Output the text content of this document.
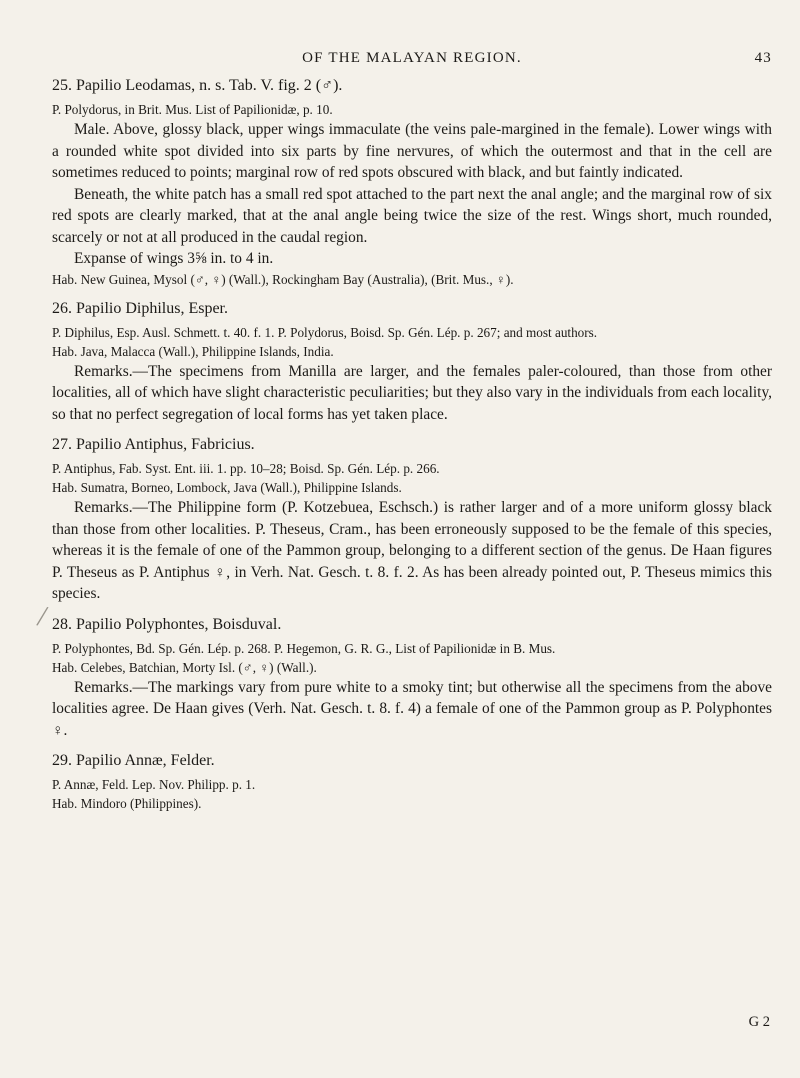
OF THE MALAYAN REGION.	43

25. Papilio Leodamas, n. s. Tab. V. fig. 2 (♂).

P. Polydorus, in Brit. Mus. List of Papilionidæ, p. 10.

Male. Above, glossy black, upper wings immaculate (the veins pale-margined in the female). Lower wings with a rounded white spot divided into six parts by fine nervures, of which the outermost and that in the cell are sometimes reduced to points; marginal row of red spots obscured with black, and but faintly indicated.

Beneath, the white patch has a small red spot attached to the part next the anal angle; and the marginal row of six red spots are clearly marked, that at the anal angle being twice the size of the rest. Wings short, much rounded, scarcely or not at all produced in the caudal region.

Expanse of wings 3⅝ in. to 4 in.

Hab. New Guinea, Mysol (♂, ♀) (Wall.), Rockingham Bay (Australia), (Brit. Mus., ♀).

26. Papilio Diphilus, Esper.

P. Diphilus, Esp. Ausl. Schmett. t. 40. f. 1. P. Polydorus, Boisd. Sp. Gén. Lép. p. 267; and most authors.

Hab. Java, Malacca (Wall.), Philippine Islands, India.

Remarks.—The specimens from Manilla are larger, and the females paler-coloured, than those from other localities, all of which have slight characteristic peculiarities; but they also vary in the individuals from each locality, so that no perfect segregation of local forms has yet taken place.

27. Papilio Antiphus, Fabricius.

P. Antiphus, Fab. Syst. Ent. iii. 1. pp. 10–28; Boisd. Sp. Gén. Lép. p. 266.

Hab. Sumatra, Borneo, Lombock, Java (Wall.), Philippine Islands.

Remarks.—The Philippine form (P. Kotzebuea, Eschsch.) is rather larger and of a more uniform glossy black than those from other localities. P. Theseus, Cram., has been erroneously supposed to be the female of this species, whereas it is the female of one of the Pammon group, belonging to a different section of the genus. De Haan figures P. Theseus as P. Antiphus ♀, in Verh. Nat. Gesch. t. 8. f. 2. As has been already pointed out, P. Theseus mimics this species.

28. Papilio Polyphontes, Boisduval.

P. Polyphontes, Bd. Sp. Gén. Lép. p. 268. P. Hegemon, G. R. G., List of Papilionidæ in B. Mus.

Hab. Celebes, Batchian, Morty Isl. (♂, ♀) (Wall.).

Remarks.—The markings vary from pure white to a smoky tint; but otherwise all the specimens from the above localities agree. De Haan gives (Verh. Nat. Gesch. t. 8. f. 4) a female of one of the Pammon group as P. Polyphontes ♀.

29. Papilio Annæ, Felder.

P. Annæ, Feld. Lep. Nov. Philipp. p. 1.

Hab. Mindoro (Philippines).

/
G 2
